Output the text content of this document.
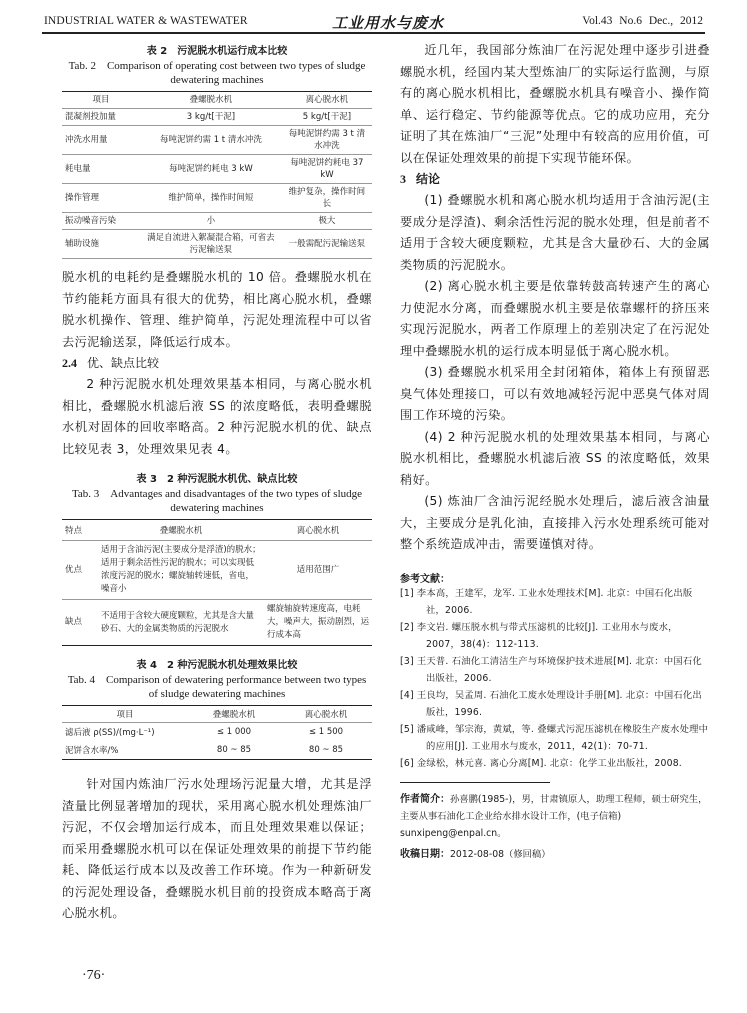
INDUSTRIAL WATER & WASTEWATER	工业用水与废水	Vol.43 No.6 Dec., 2012
表 2　污泥脱水机运行成本比较
Tab. 2　Comparison of operating cost between two types of sludge dewatering machines
项目	叠螺脱水机	离心脱水机
混凝剂投加量	3 kg/t[干泥]	5 kg/t[干泥]
冲洗水用量	每吨泥饼约需 1 t 清水冲洗	每吨泥饼约需 3 t 清水冲洗
耗电量	每吨泥饼约耗电 3 kW	每吨泥饼约耗电 37 kW
操作管理	维护简单，操作时间短	维护复杂，操作时间长
振动噪音污染	小	极大
辅助设施	满足自流进入絮凝混合箱，可省去污泥输送泵	一般需配污泥输送泵

脱水机的电耗约是叠螺脱水机的 10 倍。叠螺脱水机在节约能耗方面具有很大的优势，相比离心脱水机，叠螺脱水机操作、管理、维护简单，污泥处理流程中可以省去污泥输送泵，降低运行成本。

2.4 优、缺点比较

2 种污泥脱水机处理效果基本相同，与离心脱水机相比，叠螺脱水机滤后液 SS 的浓度略低，表明叠螺脱水机对固体的回收率略高。2 种污泥脱水机的优、缺点比较见表 3，处理效果见表 4。

表 3　2 种污泥脱水机优、缺点比较
Tab. 3　Advantages and disadvantages of the two types of sludge dewatering machines
特点	叠螺脱水机	离心脱水机
优点	适用于含油污泥(主要成分是浮渣)的脱水；适用于剩余活性污泥的脱水；可以实现低浓度污泥的脱水；螺旋轴转速低，省电，噪音小	适用范围广
缺点	不适用于含较大硬度颗粒，尤其是含大量砂石、大的金属类物质的污泥脱水	螺旋轴旋转速度高，电耗大，噪声大，振动剧烈，运行成本高
表 4　2 种污泥脱水机处理效果比较
Tab. 4　Comparison of dewatering performance between two types of sludge dewatering machines
项目	叠螺脱水机	离心脱水机
滤后液 ρ(SS)/(mg·L⁻¹)	≤ 1 000	≤ 1 500
泥饼含水率/%	80 ~ 85	80 ~ 85

针对国内炼油厂污水处理场污泥量大增，尤其是浮渣量比例显著增加的现状，采用离心脱水机处理炼油厂污泥，不仅会增加运行成本，而且处理效果难以保证；而采用叠螺脱水机可以在保证处理效果的前提下节约能耗、降低运行成本以及改善工作环境。作为一种新研发的污泥处理设备，叠螺脱水机目前的投资成本略高于离心脱水机。

近几年，我国部分炼油厂在污泥处理中逐步引进叠螺脱水机，经国内某大型炼油厂的实际运行监测，与原有的离心脱水机相比，叠螺脱水机具有噪音小、操作简单、运行稳定、节约能源等优点。它的成功应用，充分证明了其在炼油厂“三泥”处理中有较高的应用价值，可以在保证处理效果的前提下实现节能环保。

3 结论

(1) 叠螺脱水机和离心脱水机均适用于含油污泥(主要成分是浮渣)、剩余活性污泥的脱水处理，但是前者不适用于含较大硬度颗粒，尤其是含大量砂石、大的金属类物质的污泥脱水。

(2) 离心脱水机主要是依靠转鼓高转速产生的离心力使泥水分离，而叠螺脱水机主要是依靠螺杆的挤压来实现污泥脱水，两者工作原理上的差别决定了在污泥处理中叠螺脱水机的运行成本明显低于离心脱水机。

(3) 叠螺脱水机采用全封闭箱体，箱体上有预留恶臭气体处理接口，可以有效地减轻污泥中恶臭气体对周围工作环境的污染。

(4) 2 种污泥脱水机的处理效果基本相同，与离心脱水机相比，叠螺脱水机滤后液 SS 的浓度略低，效果稍好。

(5) 炼油厂含油污泥经脱水处理后，滤后液含油量大，主要成分是乳化油，直接排入污水处理系统可能对整个系统造成冲击，需要谨慎对待。

参考文献：
[1] 李本高，王建军，龙军. 工业水处理技术[M]. 北京：中国石化出版社，2006.
[2] 李文岩. 螺压脱水机与带式压滤机的比较[J]. 工业用水与废水，2007，38(4)：112-113.
[3] 王天普. 石油化工清洁生产与环境保护技术进展[M]. 北京：中国石化出版社，2006.
[4] 王良均，吴孟周. 石油化工废水处理设计手册[M]. 北京：中国石化出版社，1996.
[5] 潘咸峰，邹宗海，黄斌，等. 叠螺式污泥压滤机在橡胶生产废水处理中的应用[J]. 工业用水与废水，2011，42(1)：70-71.
[6] 金绿松，林元喜. 离心分离[M]. 北京：化学工业出版社，2008.
作者简介：孙喜鹏(1985-)，男，甘肃镇原人，助理工程师，硕士研究生，主要从事石油化工企业给水排水设计工作，(电子信箱) sunxipeng@enpal.cn。
收稿日期：2012-08-08（修回稿）
·76·
